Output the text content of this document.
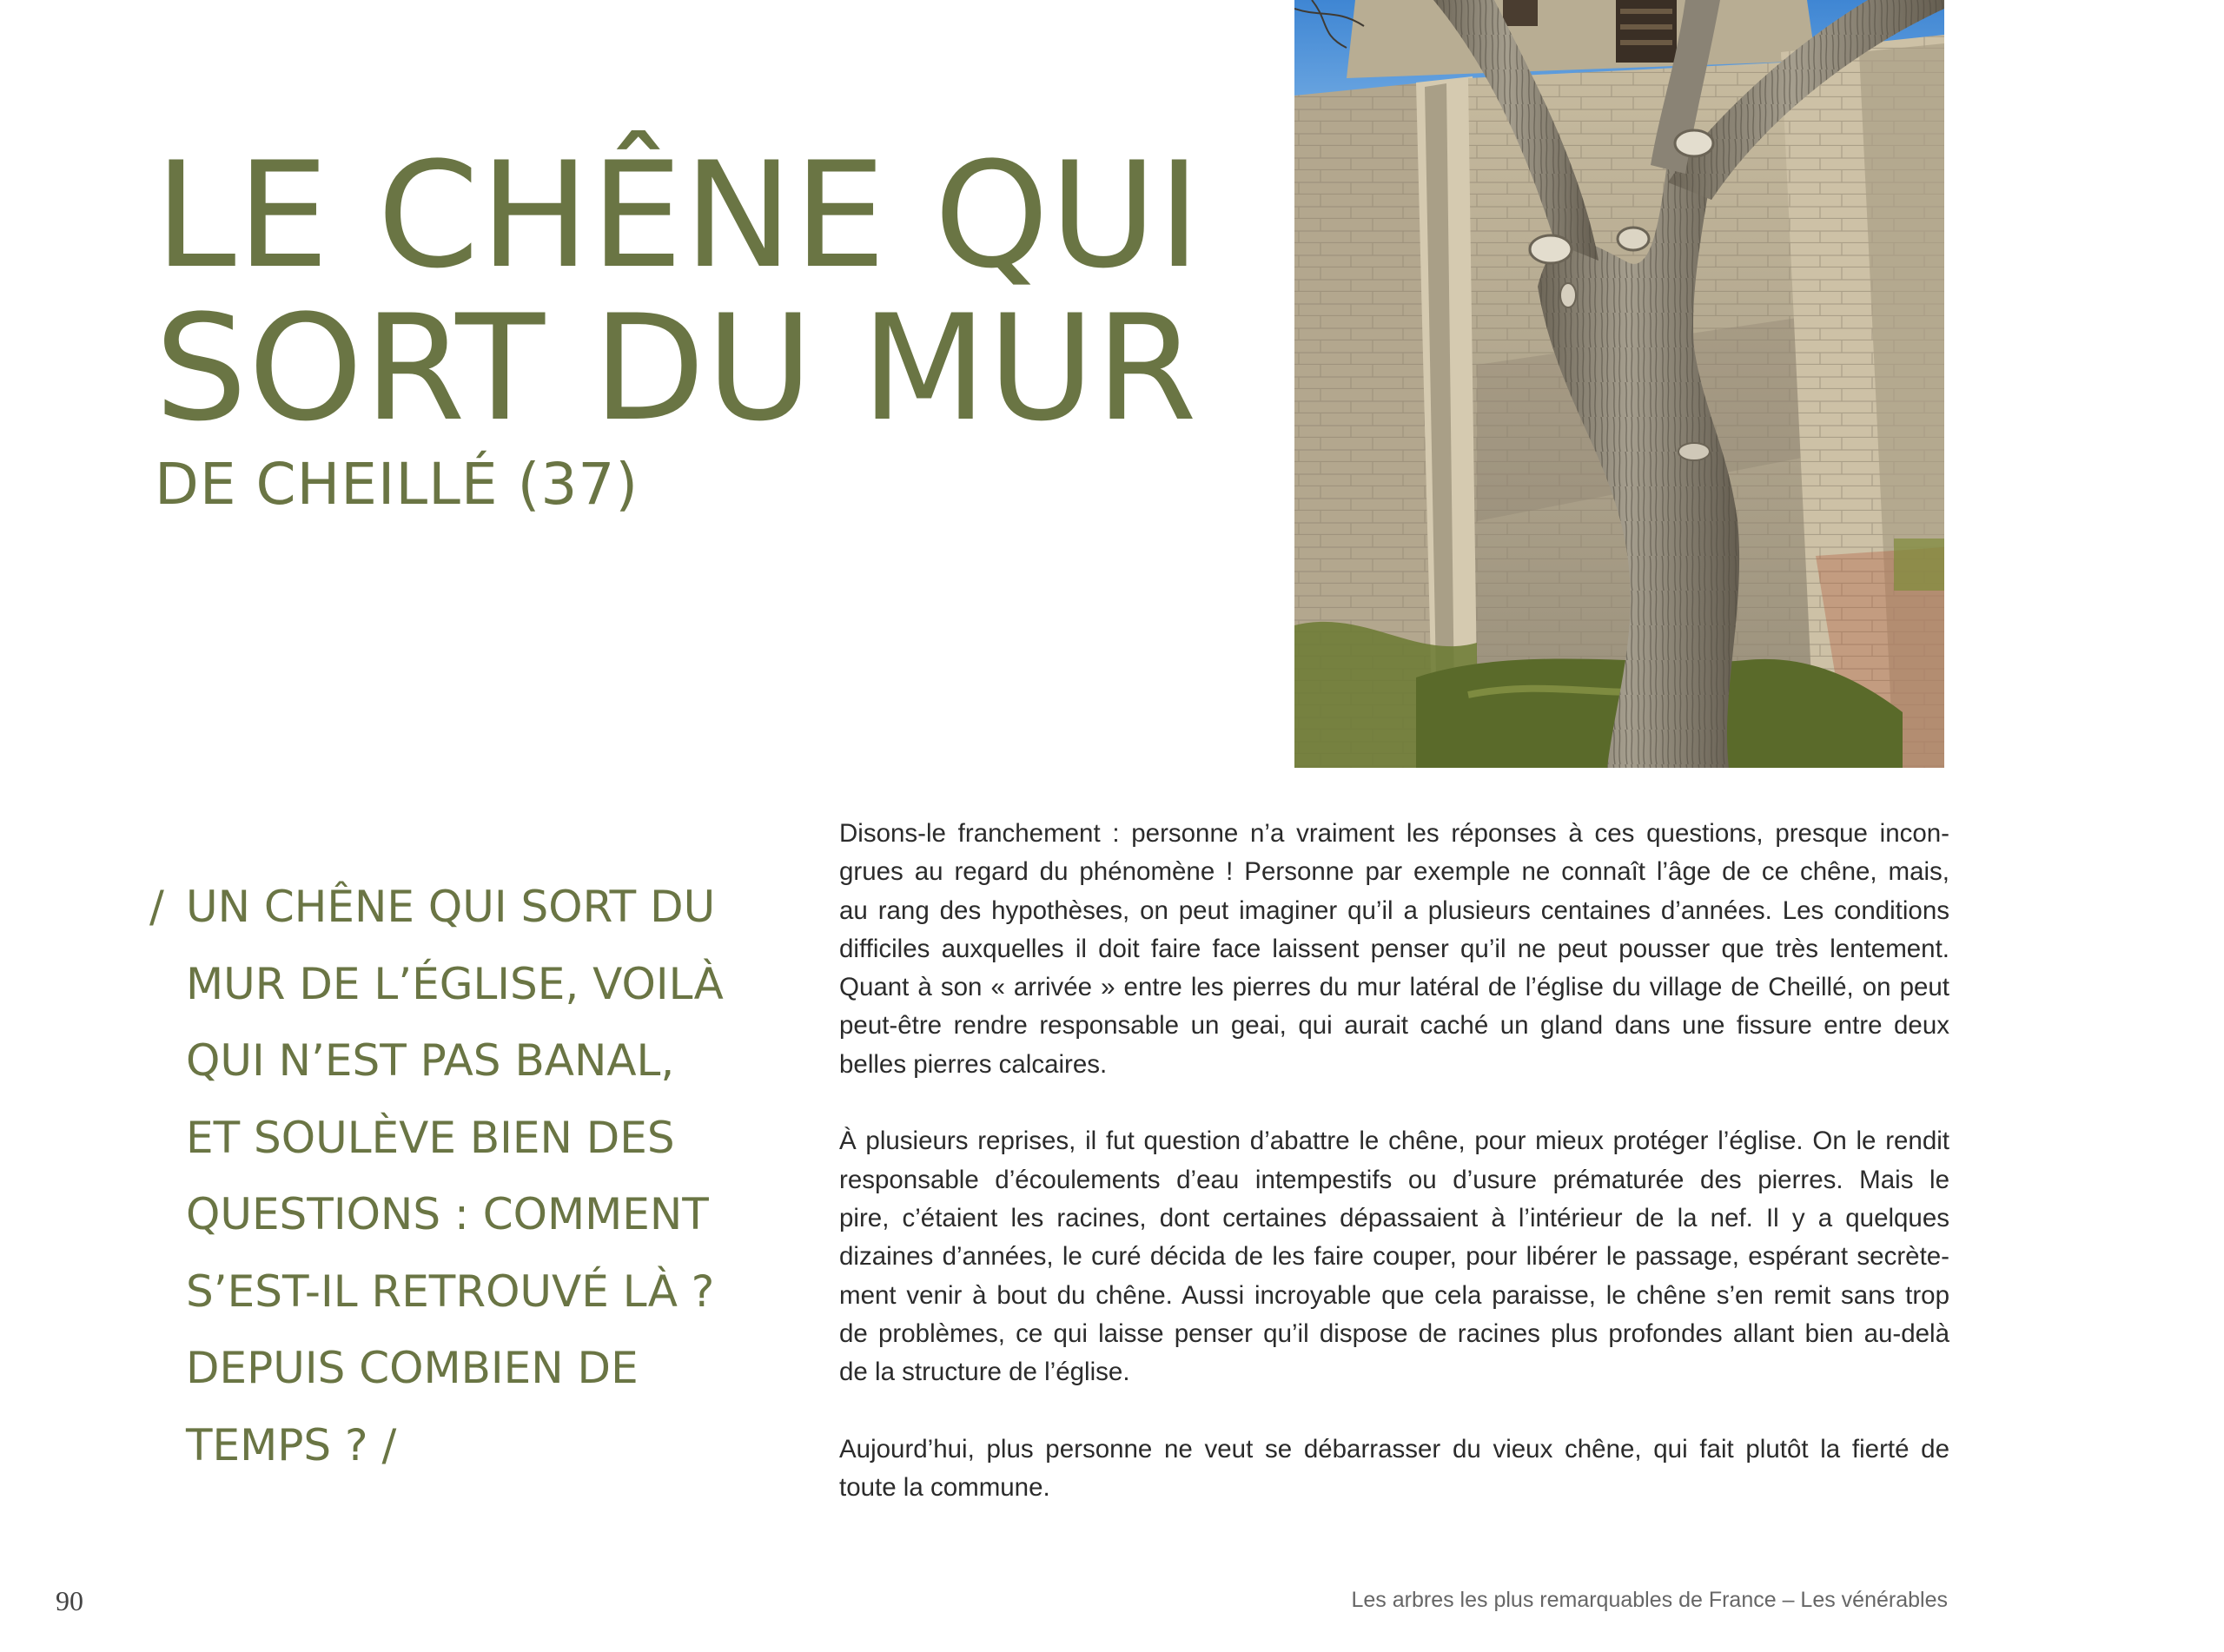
LE CHÊNE QUI
SORT DU MUR
DE CHEILLÉ (37)
/ UN CHÊNE QUI SORT DU
MUR DE L’ÉGLISE, VOILÀ
QUI N’EST PAS BANAL,
ET SOULÈVE BIEN DES
QUESTIONS : COMMENT
S’EST-IL RETROUVÉ LÀ ?
DEPUIS COMBIEN DE
TEMPS ? /
Disons-le franchement : personne n’a vraiment les réponses à ces questions, presque incon-
grues au regard du phénomène ! Personne par exemple ne connaît l’âge de ce chêne, mais,
au rang des hypothèses, on peut imaginer qu’il a plusieurs centaines d’années. Les conditions
difficiles auxquelles il doit faire face laissent penser qu’il ne peut pousser que très lentement.
Quant à son « arrivée » entre les pierres du mur latéral de l’église du village de Cheillé, on peut
peut-être rendre responsable un geai, qui aurait caché un gland dans une fissure entre deux
belles pierres calcaires.
À plusieurs reprises, il fut question d’abattre le chêne, pour mieux protéger l’église. On le rendit
responsable d’écoulements d’eau intempestifs ou d’usure prématurée des pierres. Mais le
pire, c’étaient les racines, dont certaines dépassaient à l’intérieur de la nef. Il y a quelques
dizaines d’années, le curé décida de les faire couper, pour libérer le passage, espérant secrète-
ment venir à bout du chêne. Aussi incroyable que cela paraisse, le chêne s’en remit sans trop
de problèmes, ce qui laisse penser qu’il dispose de racines plus profondes allant bien au-delà
de la structure de l’église.
Aujourd’hui, plus personne ne veut se débarrasser du vieux chêne, qui fait plutôt la fierté de
toute la commune.
90	Les arbres les plus remarquables de France – Les vénérables
